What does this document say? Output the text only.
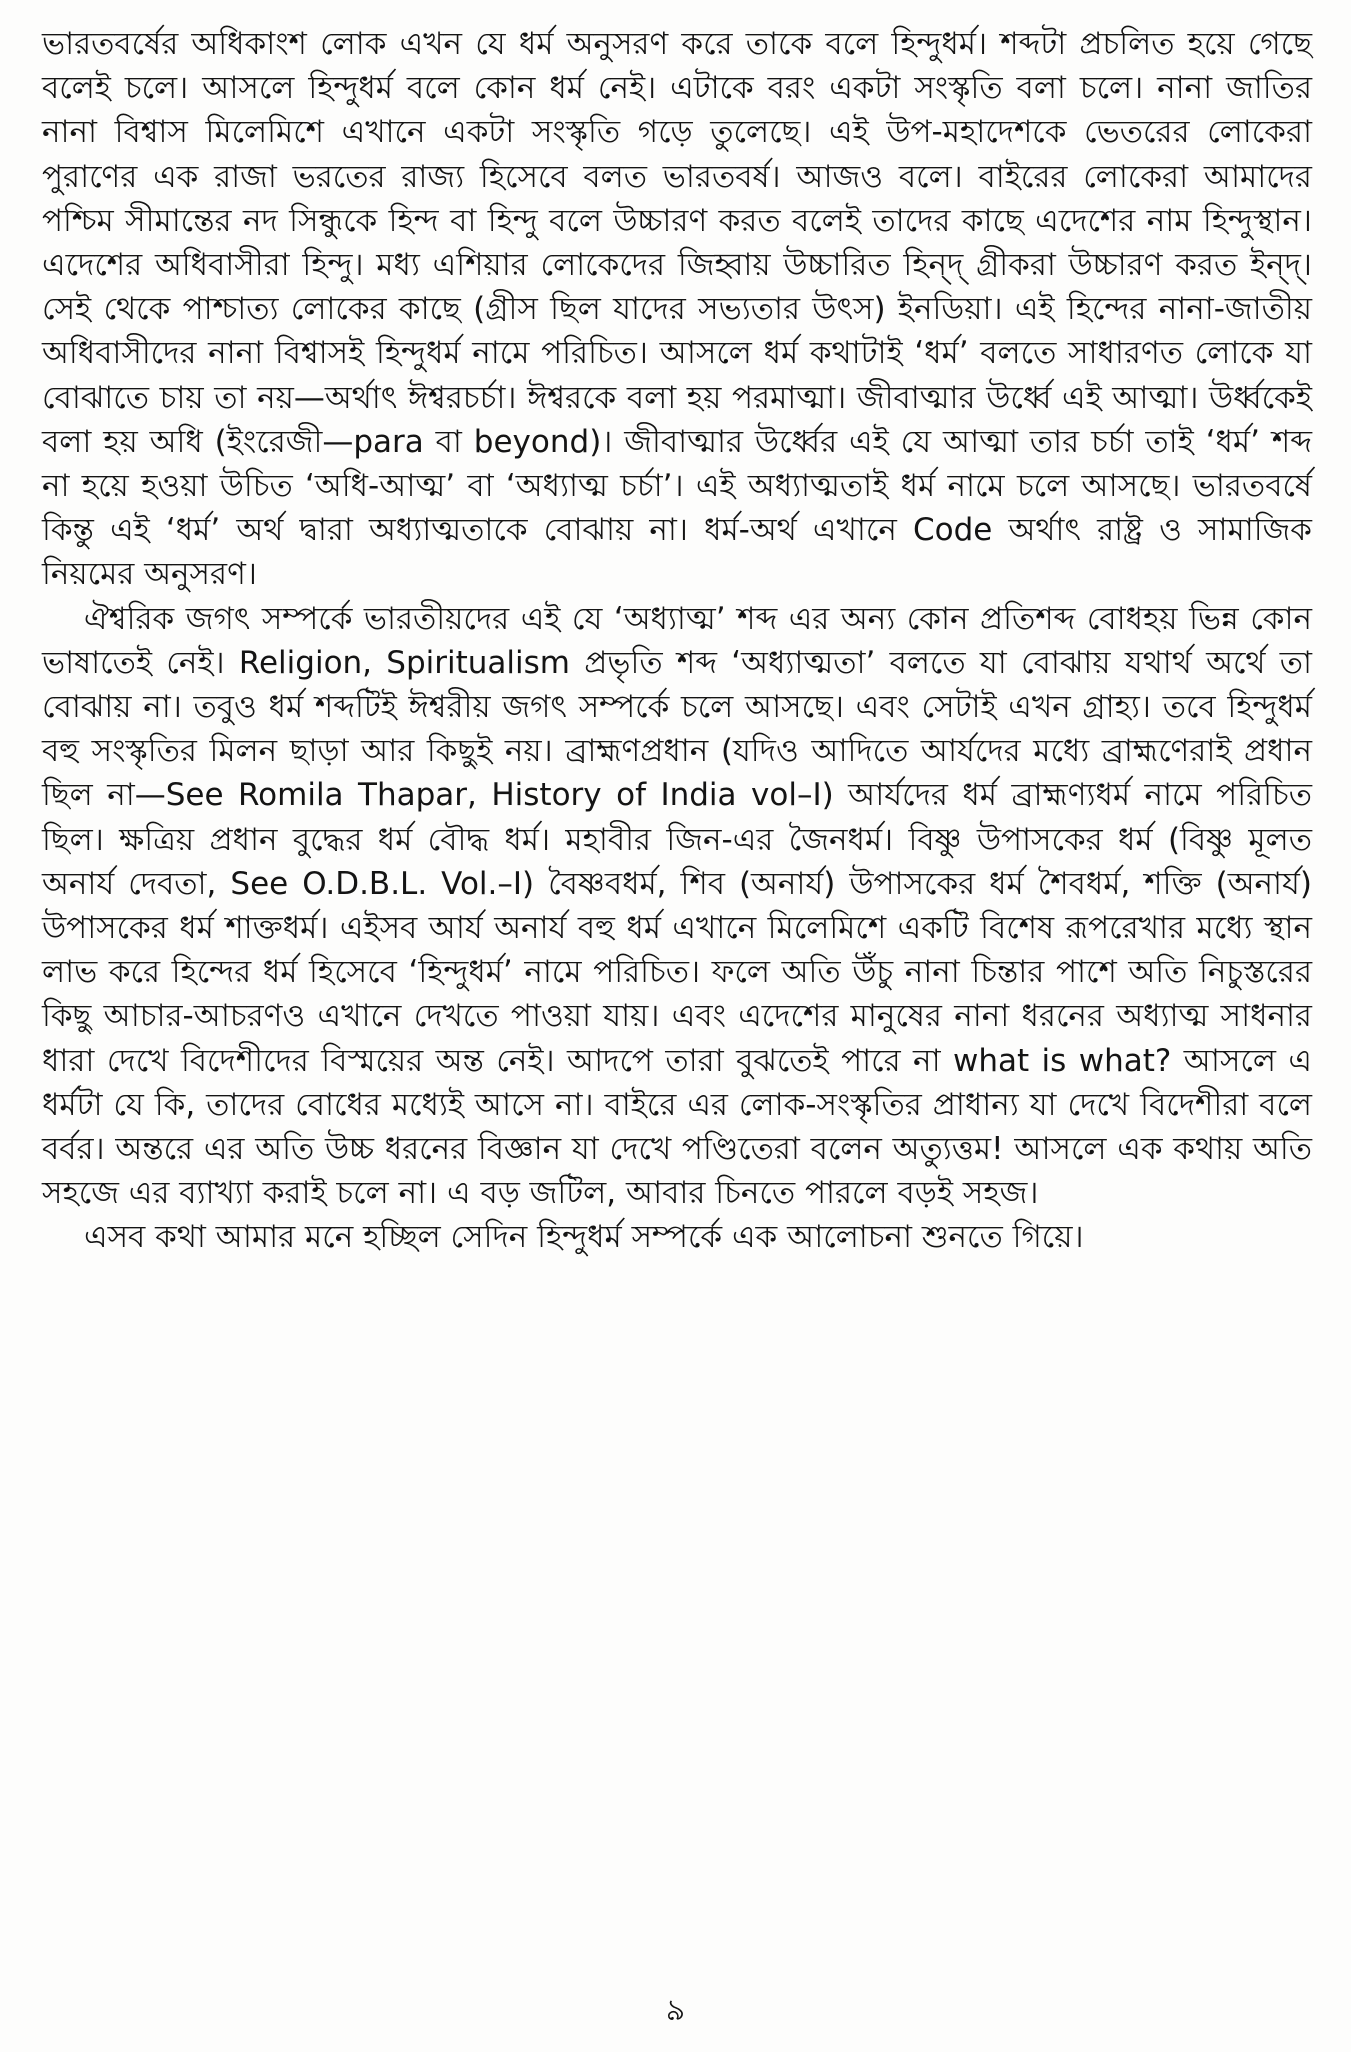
ভারতবর্ষের অধিকাংশ লোক এখন যে ধর্ম অনুসরণ করে তাকে বলে হিন্দুধর্ম। শব্দটা প্রচলিত হয়ে গেছে বলেই চলে। আসলে হিন্দুধর্ম বলে কোন ধর্ম নেই। এটাকে বরং একটা সংস্কৃতি বলা চলে। নানা জাতির নানা বিশ্বাস মিলেমিশে এখানে একটা সংস্কৃতি গড়ে তুলেছে। এই উপ-মহাদেশকে ভেতরের লোকেরা পুরাণের এক রাজা ভরতের রাজ্য হিসেবে বলত ভারতবর্ষ। আজও বলে। বাইরের লোকেরা আমাদের পশ্চিম সীমান্তের নদ সিন্ধুকে হিন্দ বা হিন্দু বলে উচ্চারণ করত বলেই তাদের কাছে এদেশের নাম হিন্দুস্থান। এদেশের অধিবাসীরা হিন্দু। মধ্য এশিয়ার লোকেদের জিহ্বায় উচ্চারিত হিন্দ্ গ্রীকরা উচ্চারণ করত ইন্দ্। সেই থেকে পাশ্চাত্য লোকের কাছে (গ্রীস ছিল যাদের সভ্যতার উৎস) ইনডিয়া। এই হিন্দের নানা-জাতীয় অধিবাসীদের নানা বিশ্বাসই হিন্দুধর্ম নামে পরিচিত। আসলে ধর্ম কথাটাই ‘ধর্ম’ বলতে সাধারণত লোকে যা বোঝাতে চায় তা নয়—অর্থাৎ ঈশ্বরচর্চা। ঈশ্বরকে বলা হয় পরমাত্মা। জীবাত্মার উর্ধ্বে এই আত্মা। উর্ধ্বকেই বলা হয় অধি (ইংরেজী—para বা beyond)। জীবাত্মার উর্ধ্বের এই যে আত্মা তার চর্চা তাই ‘ধর্ম’ শব্দ না হয়ে হওয়া উচিত ‘অধি-আত্ম’ বা ‘অধ্যাত্ম চর্চা’। এই অধ্যাত্মতাই ধর্ম নামে চলে আসছে। ভারতবর্ষে কিন্তু এই ‘ধর্ম’ অর্থ দ্বারা অধ্যাত্মতাকে বোঝায় না। ধর্ম-অর্থ এখানে Code অর্থাৎ রাষ্ট্র ও সামাজিক নিয়মের অনুসরণ।

ঐশ্বরিক জগৎ সম্পর্কে ভারতীয়দের এই যে ‘অধ্যাত্ম’ শব্দ এর অন্য কোন প্রতিশব্দ বোধহয় ভিন্ন কোন ভাষাতেই নেই। Religion, Spiritualism প্রভৃতি শব্দ ‘অধ্যাত্মতা’ বলতে যা বোঝায় যথার্থ অর্থে তা বোঝায় না। তবুও ধর্ম শব্দটিই ঈশ্বরীয় জগৎ সম্পর্কে চলে আসছে। এবং সেটাই এখন গ্রাহ্য। তবে হিন্দুধর্ম বহু সংস্কৃতির মিলন ছাড়া আর কিছুই নয়। ব্রাহ্মণপ্রধান (যদিও আদিতে আর্যদের মধ্যে ব্রাহ্মণেরাই প্রধান ছিল না—See Romila Thapar, History of India vol–I) আর্যদের ধর্ম ব্রাহ্মণ্যধর্ম নামে পরিচিত ছিল। ক্ষত্রিয় প্রধান বুদ্ধের ধর্ম বৌদ্ধ ধর্ম। মহাবীর জিন-এর জৈনধর্ম। বিষ্ণু উপাসকের ধর্ম (বিষ্ণু মূলত অনার্য দেবতা, See O.D.B.L. Vol.–I) বৈষ্ণবধর্ম, শিব (অনার্য) উপাসকের ধর্ম শৈবধর্ম, শক্তি (অনার্য) উপাসকের ধর্ম শাক্তধর্ম। এইসব আর্য অনার্য বহু ধর্ম এখানে মিলেমিশে একটি বিশেষ রূপরেখার মধ্যে স্থান লাভ করে হিন্দের ধর্ম হিসেবে ‘হিন্দুধর্ম’ নামে পরিচিত। ফলে অতি উঁচু নানা চিন্তার পাশে অতি নিচুস্তরের কিছু আচার-আচরণও এখানে দেখতে পাওয়া যায়। এবং এদেশের মানুষের নানা ধরনের অধ্যাত্ম সাধনার ধারা দেখে বিদেশীদের বিস্ময়ের অন্ত নেই। আদপে তারা বুঝতেই পারে না what is what? আসলে এ ধর্মটা যে কি, তাদের বোধের মধ্যেই আসে না। বাইরে এর লোক-সংস্কৃতির প্রাধান্য যা দেখে বিদেশীরা বলে বর্বর। অন্তরে এর অতি উচ্চ ধরনের বিজ্ঞান যা দেখে পণ্ডিতেরা বলেন অত্যুত্তম! আসলে এক কথায় অতি সহজে এর ব্যাখ্যা করাই চলে না। এ বড় জটিল, আবার চিনতে পারলে বড়ই সহজ।

এসব কথা আমার মনে হচ্ছিল সেদিন হিন্দুধর্ম সম্পর্কে এক আলোচনা শুনতে গিয়ে।

৯
